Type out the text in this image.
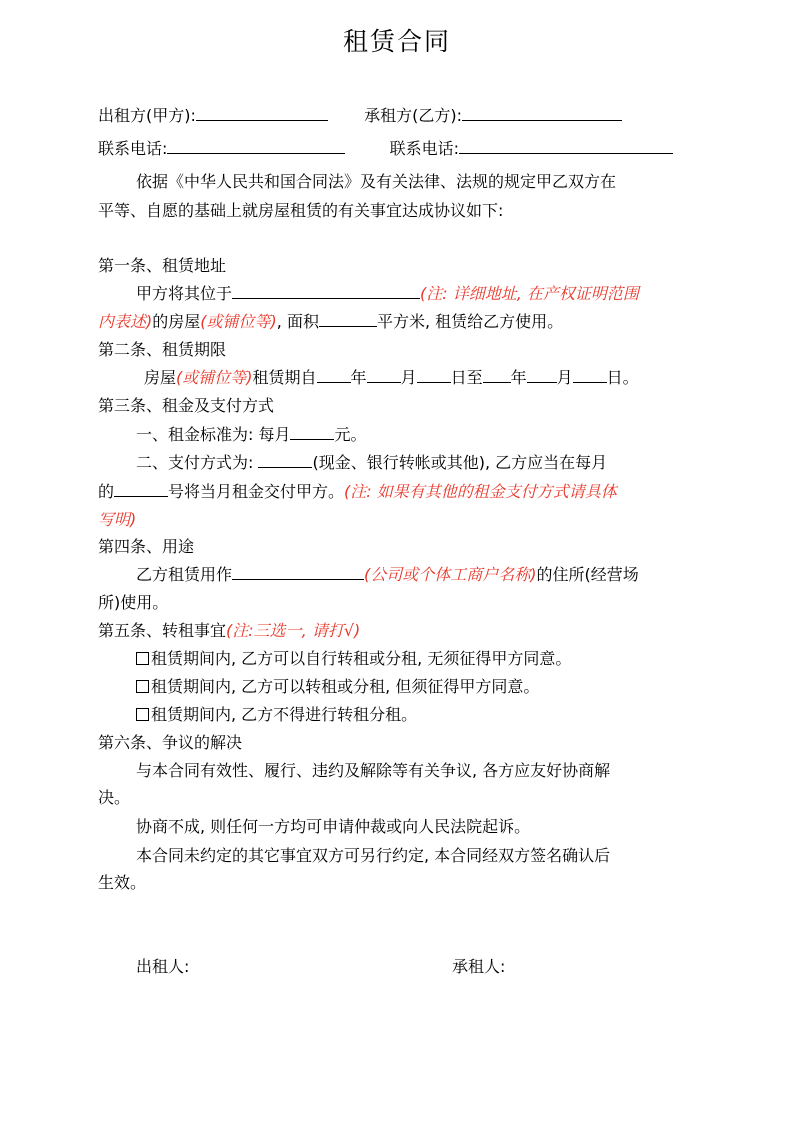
租赁合同
出租方(甲方):	承租方(乙方):
联系电话:	联系电话:
依据《中华人民共和国合同法》及有关法律、法规的规定甲乙双方在
平等、自愿的基础上就房屋租赁的有关事宜达成协议如下:
第一条、租赁地址
甲方将其位于	(注: 详细地址, 在产权证明范围
内表述)的房屋(或铺位等), 面积	平方米, 租赁给乙方使用。
第二条、租赁期限
房屋(或铺位等)租赁期自 年 月 日至 年 月 日。
第三条、租金及支付方式
一、租金标准为: 每月	元。
二、支付方式为:	(现金、银行转帐或其他), 乙方应当在每月
的	号将当月租金交付甲方。(注: 如果有其他的租金支付方式请具体
写明)
第四条、用途
乙方租赁用作	(公司或个体工商户名称)的住所(经营场
所)使用。
第五条、转租事宜(注:三选一, 请打√)
租赁期间内, 乙方可以自行转租或分租, 无须征得甲方同意。
租赁期间内, 乙方可以转租或分租, 但须征得甲方同意。
租赁期间内, 乙方不得进行转租分租。
第六条、争议的解决
与本合同有效性、履行、违约及解除等有关争议, 各方应友好协商解
决。
协商不成, 则任何一方均可申请仲裁或向人民法院起诉。
本合同未约定的其它事宜双方可另行约定, 本合同经双方签名确认后
生效。
出租人:	承租人:
